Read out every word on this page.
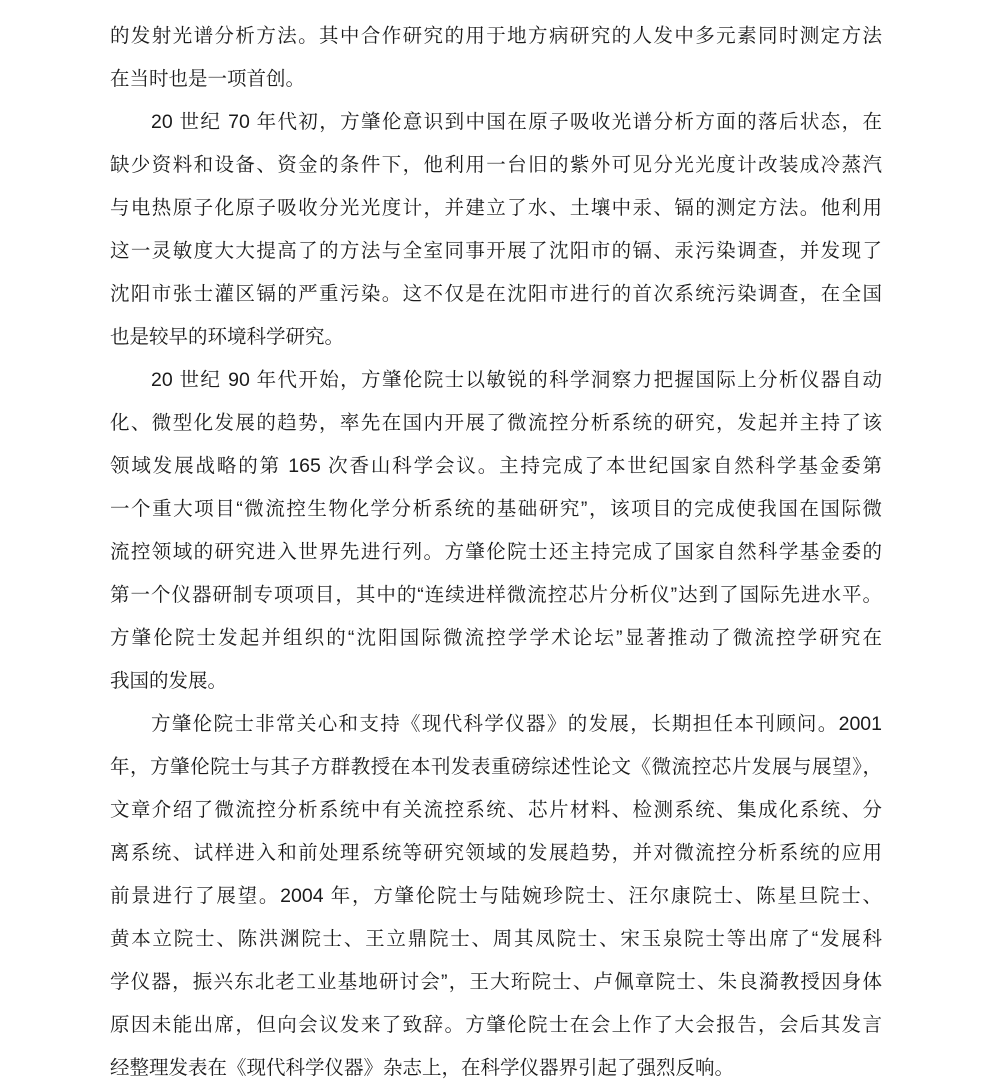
的发射光谱分析方法。其中合作研究的用于地方病研究的人发中多元素同时测定方法
在当时也是一项首创。
20 世纪 70 年代初，方肇伦意识到中国在原子吸收光谱分析方面的落后状态，在
缺少资料和设备、资金的条件下，他利用一台旧的紫外可见分光光度计改装成冷蒸汽
与电热原子化原子吸收分光光度计，并建立了水、土壤中汞、镉的测定方法。他利用
这一灵敏度大大提高了的方法与全室同事开展了沈阳市的镉、汞污染调查，并发现了
沈阳市张士灌区镉的严重污染。这不仅是在沈阳市进行的首次系统污染调查，在全国
也是较早的环境科学研究。
20 世纪 90 年代开始，方肇伦院士以敏锐的科学洞察力把握国际上分析仪器自动
化、微型化发展的趋势，率先在国内开展了微流控分析系统的研究，发起并主持了该
领域发展战略的第 165 次香山科学会议。主持完成了本世纪国家自然科学基金委第
一个重大项目“微流控生物化学分析系统的基础研究”，该项目的完成使我国在国际微
流控领域的研究进入世界先进行列。方肇伦院士还主持完成了国家自然科学基金委的
第一个仪器研制专项项目，其中的“连续进样微流控芯片分析仪”达到了国际先进水平。
方肇伦院士发起并组织的“沈阳国际微流控学学术论坛”显著推动了微流控学研究在
我国的发展。
方肇伦院士非常关心和支持《现代科学仪器》的发展，长期担任本刊顾问。2001
年，方肇伦院士与其子方群教授在本刊发表重磅综述性论文《微流控芯片发展与展望》，
文章介绍了微流控分析系统中有关流控系统、芯片材料、检测系统、集成化系统、分
离系统、试样进入和前处理系统等研究领域的发展趋势，并对微流控分析系统的应用
前景进行了展望。2004 年，方肇伦院士与陆婉珍院士、汪尔康院士、陈星旦院士、
黄本立院士、陈洪渊院士、王立鼎院士、周其凤院士、宋玉泉院士等出席了“发展科
学仪器，振兴东北老工业基地研讨会”，王大珩院士、卢佩章院士、朱良漪教授因身体
原因未能出席，但向会议发来了致辞。方肇伦院士在会上作了大会报告，会后其发言
经整理发表在《现代科学仪器》杂志上，在科学仪器界引起了强烈反响。
